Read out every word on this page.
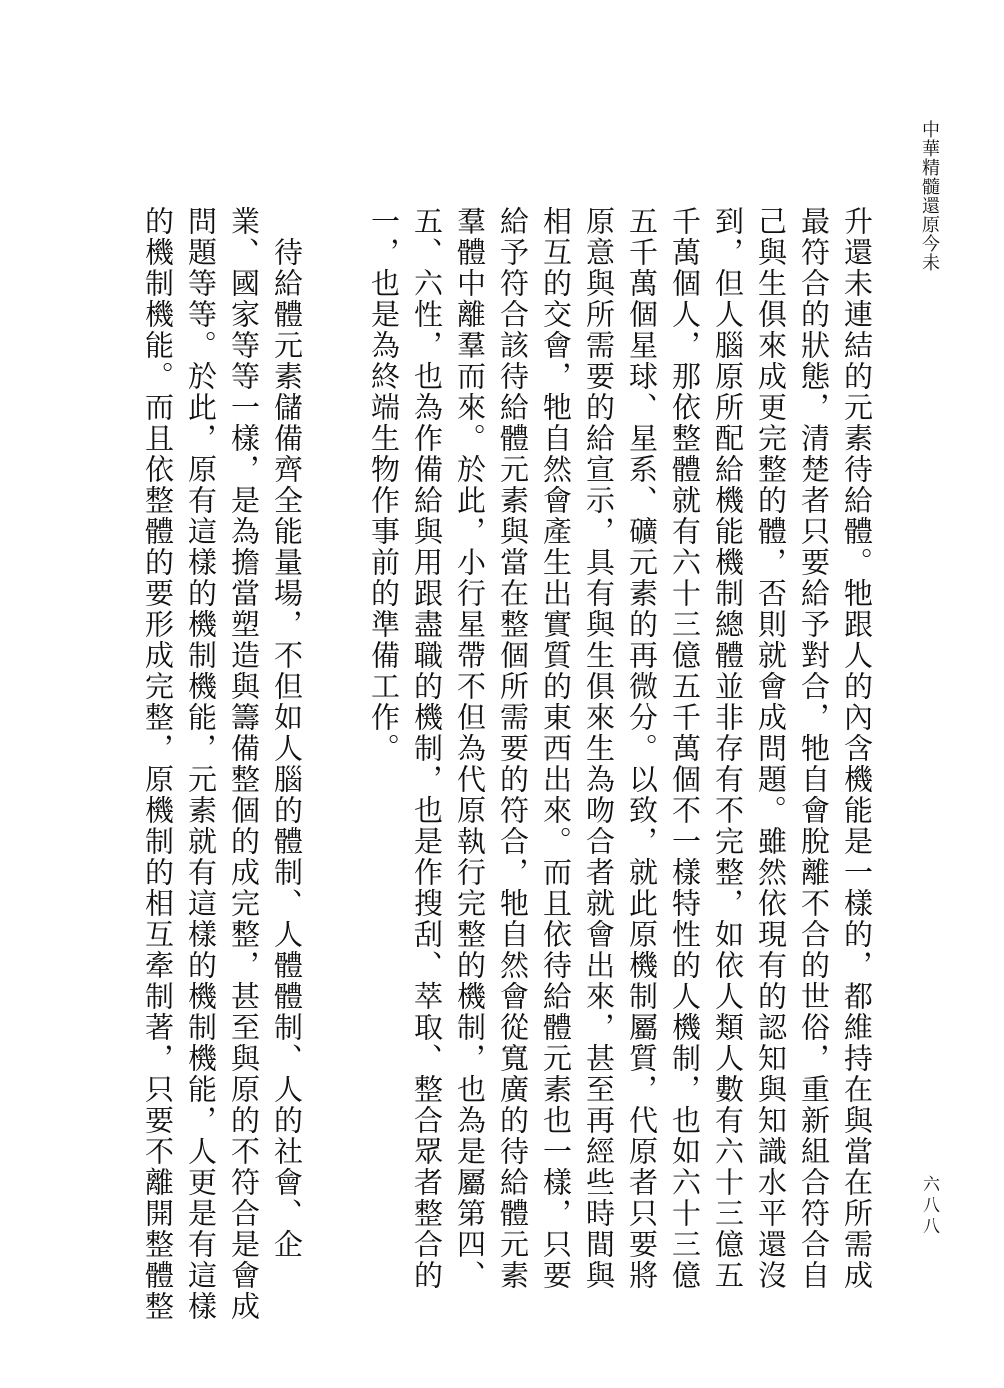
中華精髓還原今未
六八八
升還未連結的元素待給體。牠跟人的內含機能是一樣的，都維持在與當在所需成
最符合的狀態，清楚者只要給予對合，牠自會脫離不合的世俗，重新組合符合自
己與生俱來成更完整的體，否則就會成問題。雖然依現有的認知與知識水平還沒
到，但人腦原所配給機能機制總體並非存有不完整，如依人類人數有六十三億五
千萬個人，那依整體就有六十三億五千萬個不一樣特性的人機制，也如六十三億
五千萬個星球、星系、礦元素的再微分。以致，就此原機制屬質，代原者只要將
原意與所需要的給宣示，具有與生俱來生為吻合者就會出來，甚至再經些時間與
相互的交會，牠自然會產生出實質的東西出來。而且依待給體元素也一樣，只要
給予符合該待給體元素與當在整個所需要的符合，牠自然會從寬廣的待給體元素
羣體中離羣而來。於此，小行星帶不但為代原執行完整的機制，也為是屬第四、
五、六性，也為作備給與用跟盡職的機制，也是作搜刮、萃取、整合眾者整合的
一，也是為終端生物作事前的準備工作。
　待給體元素儲備齊全能量場，不但如人腦的體制、人體體制、人的社會、企
業、國家等等一樣，是為擔當塑造與籌備整個的成完整，甚至與原的不符合是會成
問題等等。於此，原有這樣的機制機能，元素就有這樣的機制機能，人更是有這樣
的機制機能。而且依整體的要形成完整，原機制的相互牽制著，只要不離開整體整
